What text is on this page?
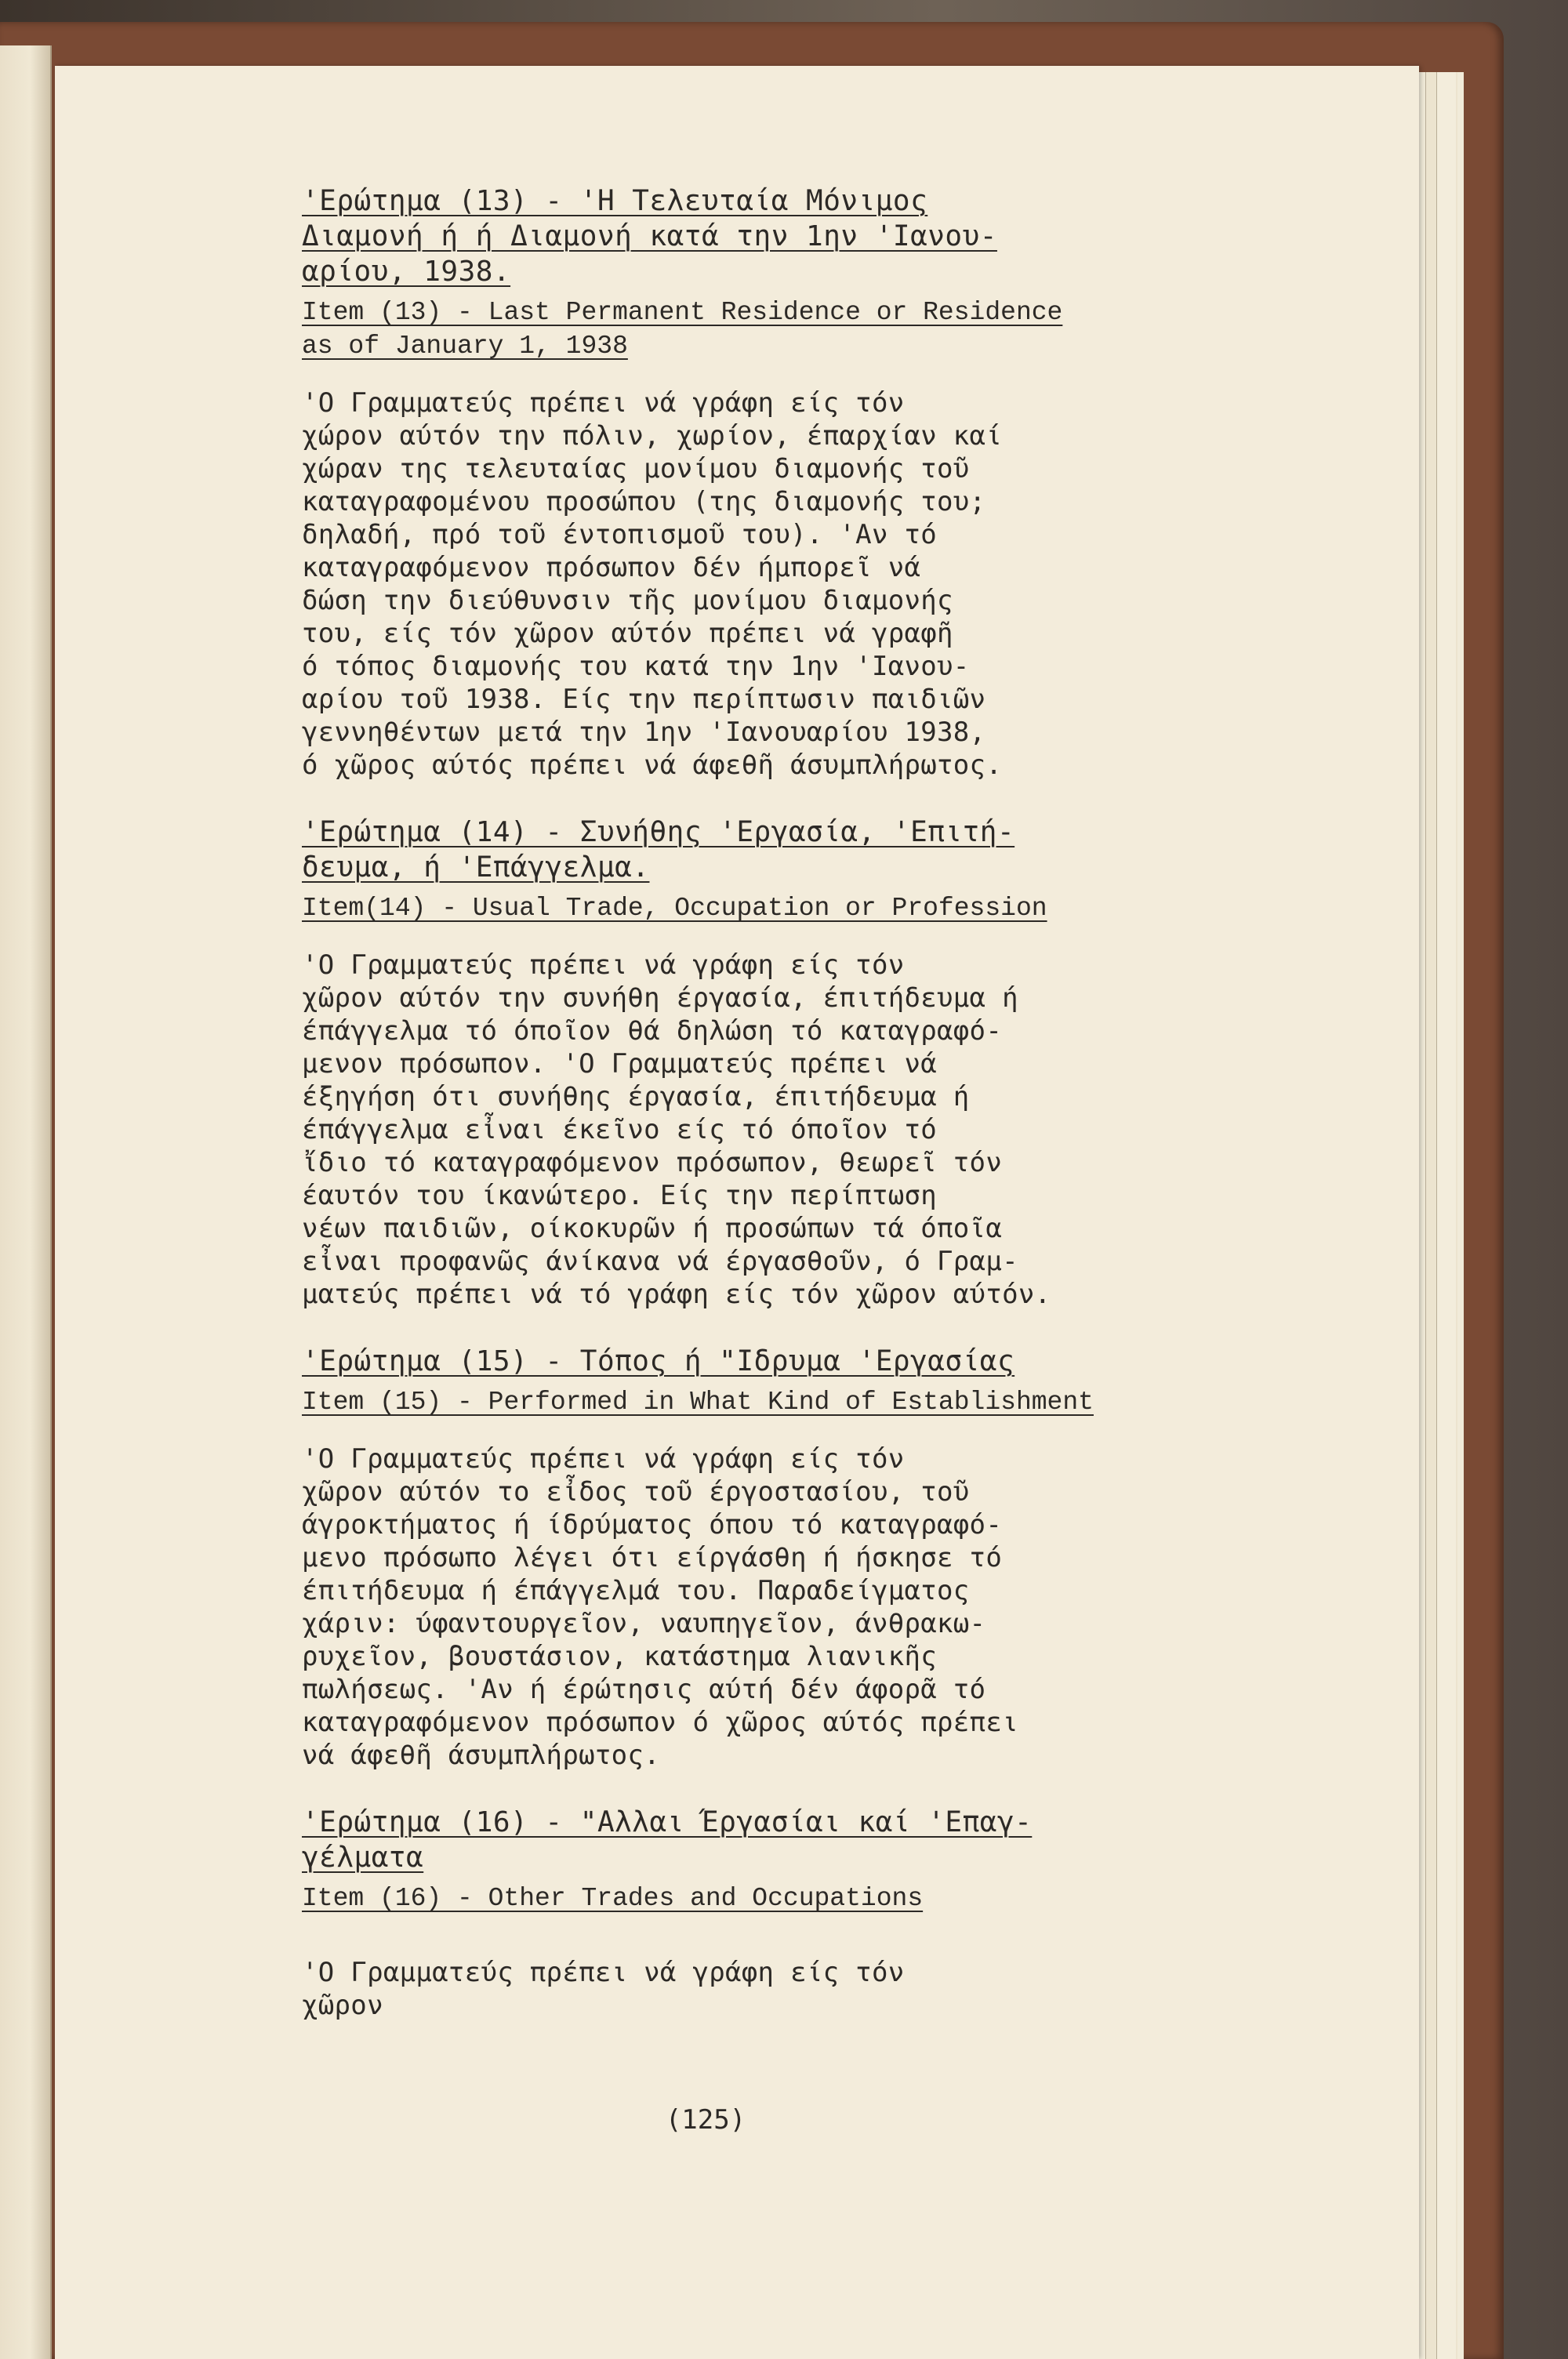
'Ερώτημα (13) - 'Η Τελευταία Μόνιμος
Διαμονή ή ή Διαμονή κατά την 1ην 'Ιανου-
αρίου, 1938.

Item (13) - Last Permanent Residence or Residence
as of January 1, 1938

'Ο Γραμματεύς πρέπει νά γράφη είς τόν
χώρον αύτόν την πόλιν, χωρίον, έπαρχίαν καί
χώραν της τελευταίας μονίμου διαμονής τοῦ
καταγραφομένου προσώπου (της διαμονής του;
δηλαδή, πρό τοῦ έντοπισμοῦ του). 'Αν τό
καταγραφόμενον πρόσωπον δέν ήμπορεῖ νά
δώση την διεύθυνσιν τῆς μονίμου διαμονής
του, είς τόν χῶρον αύτόν πρέπει νά γραφῆ
ό τόπος διαμονής του κατά την 1ην 'Ιανου-
αρίου τοῦ 1938. Είς την περίπτωσιν παιδιῶν
γεννηθέντων μετά την 1ην 'Ιανουαρίου 1938,
ό χῶρος αύτός πρέπει νά άφεθῆ άσυμπλήρωτος.

'Ερώτημα (14) - Συνήθης 'Εργασία, 'Επιτή-
δευμα, ή 'Επάγγελμα.

Item(14) - Usual Trade, Occupation or Profession

'Ο Γραμματεύς πρέπει νά γράφη είς τόν
χῶρον αύτόν την συνήθη έργασία, έπιτήδευμα ή
έπάγγελμα τό όποῖον θά δηλώση τό καταγραφό-
μενον πρόσωπον. 'Ο Γραμματεύς πρέπει νά
έξηγήση ότι συνήθης έργασία, έπιτήδευμα ή
έπάγγελμα εἶναι έκεῖνο είς τό όποῖον τό
ἴδιο τό καταγραφόμενον πρόσωπον, θεωρεῖ τόν
έαυτόν του ίκανώτερο. Είς την περίπτωση
νέων παιδιῶν, οίκοκυρῶν ή προσώπων τά όποῖα
εἶναι προφανῶς άνίκανα νά έργασθοῦν, ό Γραμ-
ματεύς πρέπει νά τό γράφη είς τόν χῶρον αύτόν.

'Ερώτημα (15) - Τόπος ή "Ιδρυμα 'Εργασίας

Item (15) - Performed in What Kind of Establishment

'Ο Γραμματεύς πρέπει νά γράφη είς τόν
χῶρον αύτόν το εἶδος τοῦ έργοστασίου, τοῦ
άγροκτήματος ή ίδρύματος όπου τό καταγραφό-
μενο πρόσωπο λέγει ότι είργάσθη ή ήσκησε τό
έπιτήδευμα ή έπάγγελμά του. Παραδείγματος
χάριν: ύφαντουργεῖον, ναυπηγεῖον, άνθρακω-
ρυχεῖον, βουστάσιον, κατάστημα λιανικῆς
πωλήσεως. 'Αν ή έρώτησις αύτή δέν άφορᾶ τό
καταγραφόμενον πρόσωπον ό χῶρος αύτός πρέπει
νά άφεθῆ άσυμπλήρωτος.

'Ερώτημα (16) - "Αλλαι Έργασίαι καί 'Επαγ-
γέλματα

Item (16) - Other Trades and Occupations

'Ο Γραμματεύς πρέπει νά γράφη είς τόν
χῶρον

(125)
